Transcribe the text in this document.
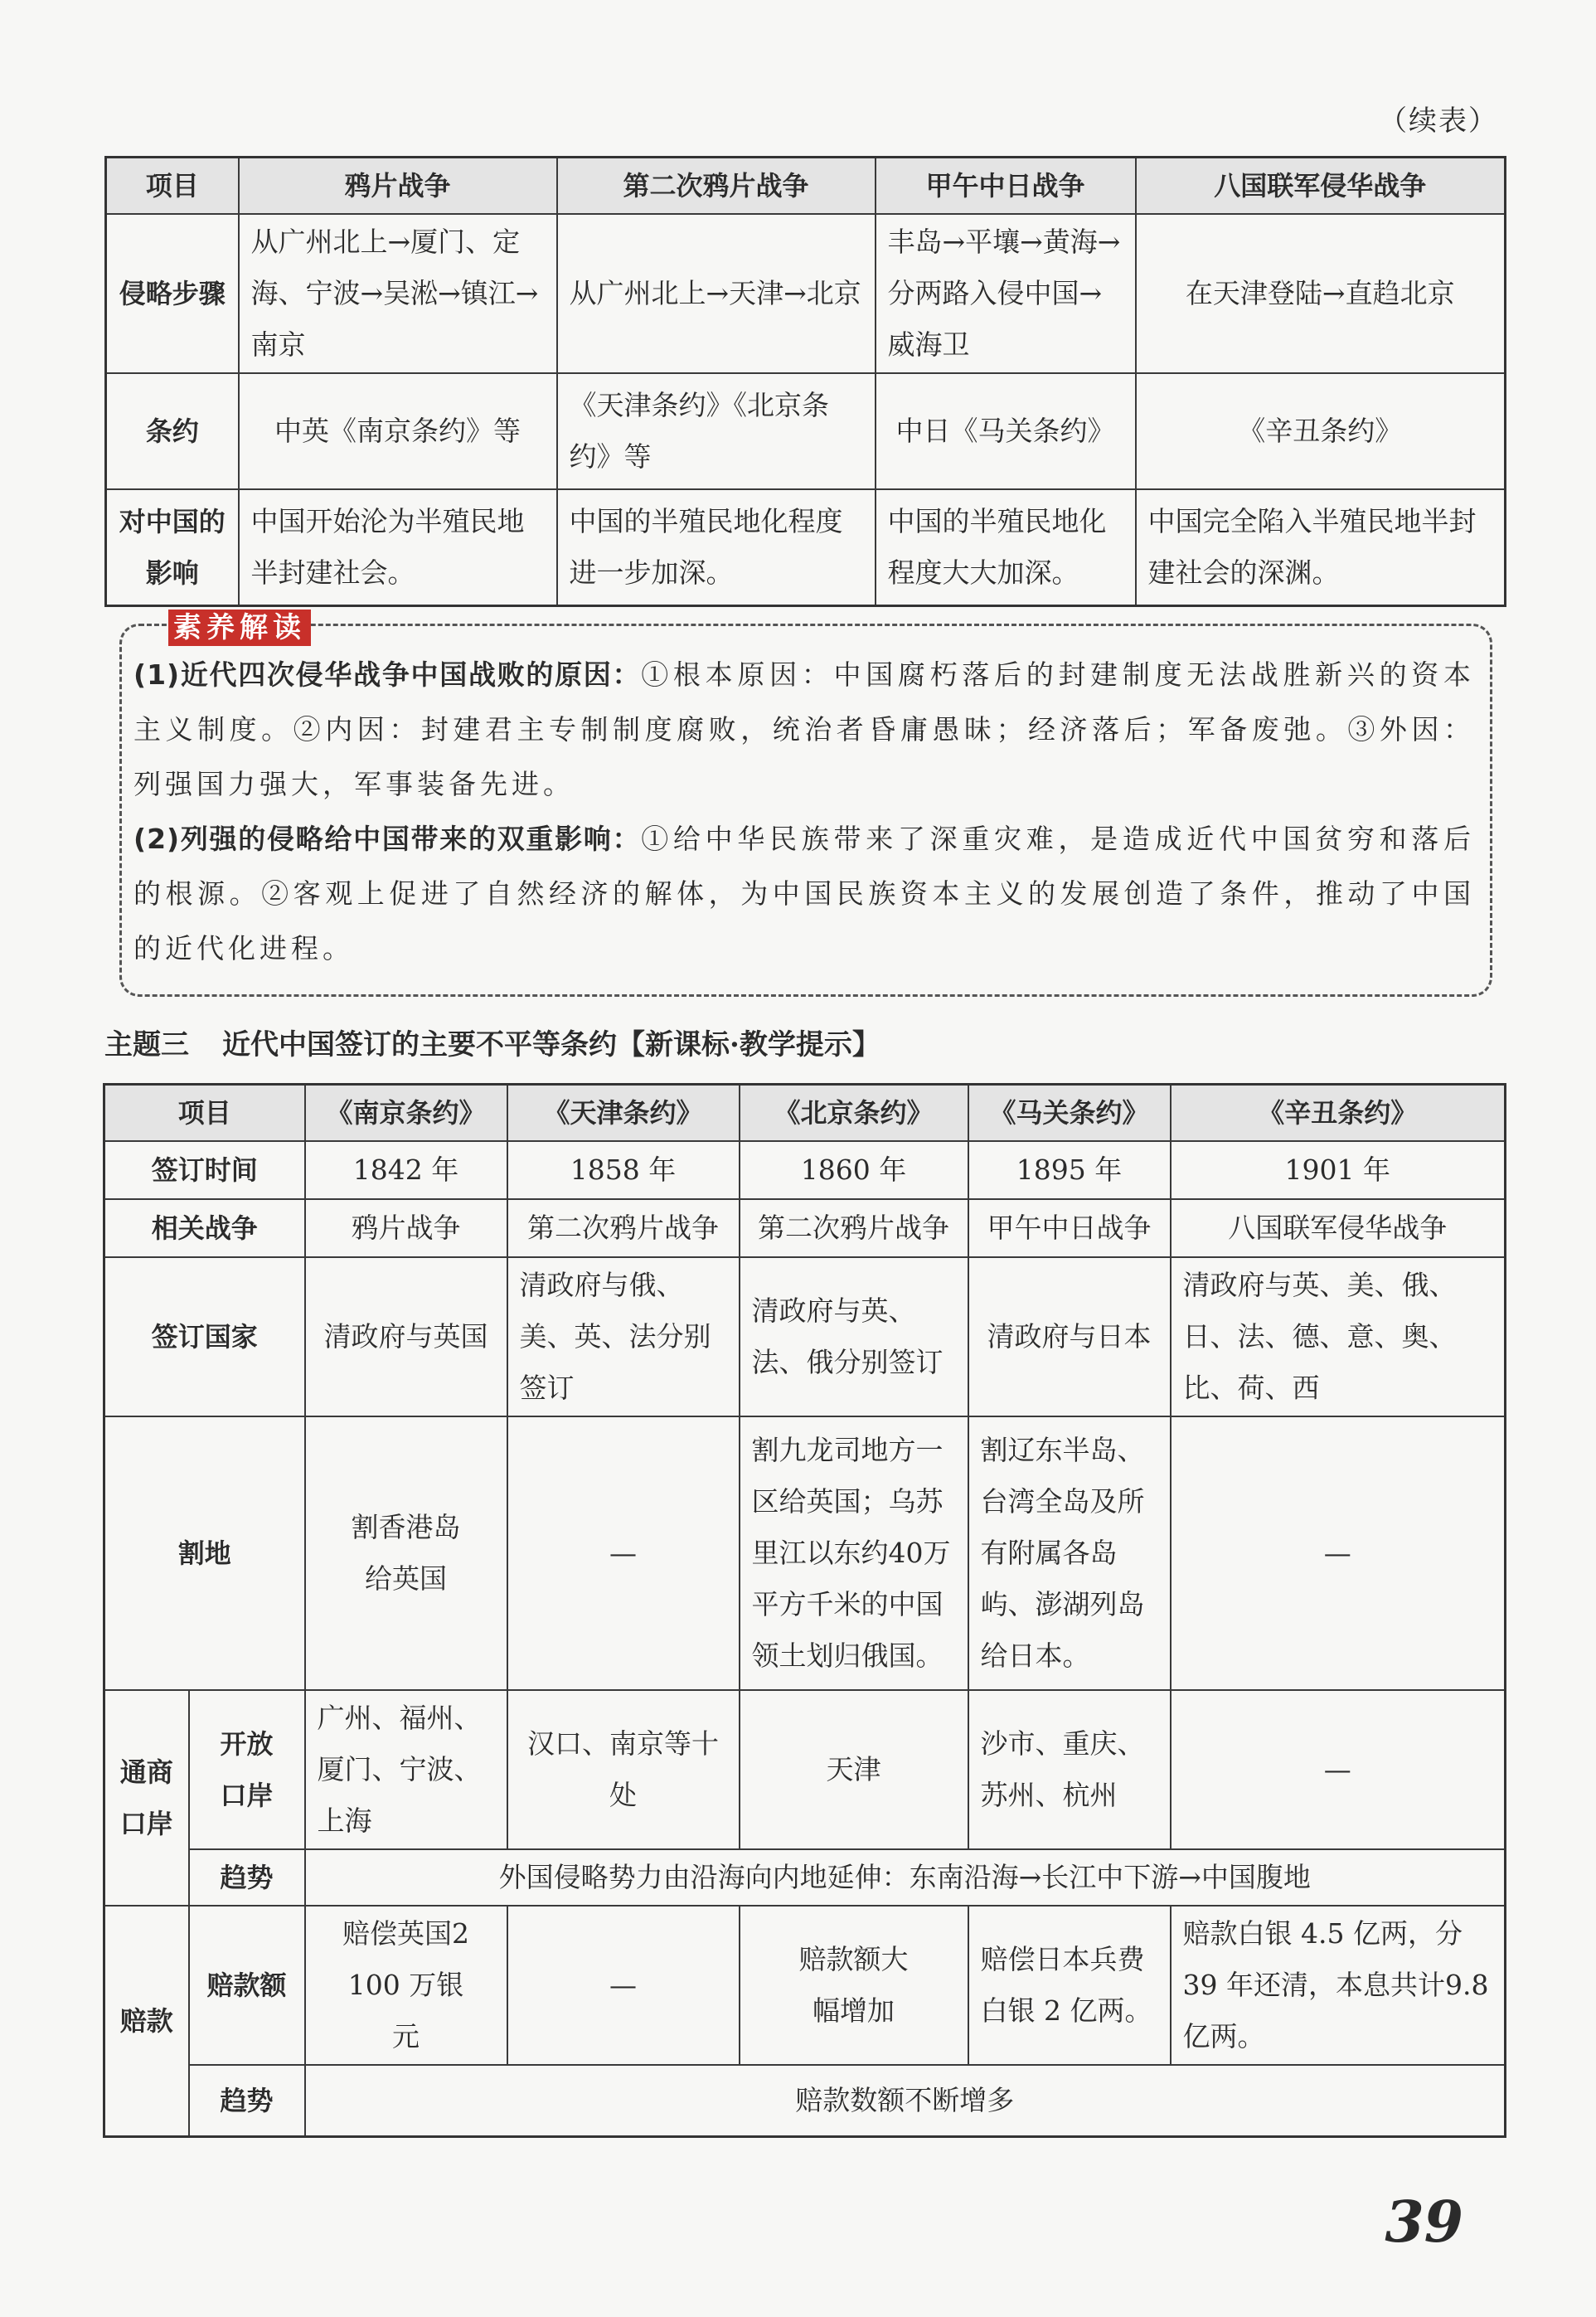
（续表）
项目	鸦片战争	第二次鸦片战争	甲午中日战争	八国联军侵华战争
侵略步骤	从广州北上→厦门、定海、宁波→吴淞→镇江→南京	从广州北上→天津→北京	丰岛→平壤→黄海→分两路入侵中国→威海卫	在天津登陆→直趋北京
条约	中英《南京条约》等	《天津条约》《北京条约》等	中日《马关条约》	《辛丑条约》
对中国的影响	中国开始沦为半殖民地半封建社会。	中国的半殖民地化程度进一步加深。	中国的半殖民地化程度大大加深。	中国完全陷入半殖民地半封建社会的深渊。
素养解读
(1)近代四次侵华战争中国战败的原因：①根本原因：中国腐朽落后的封建制度无法战胜新兴的资本主义制度。②内因：封建君主专制制度腐败，统治者昏庸愚昧；经济落后；军备废弛。③外因：列强国力强大，军事装备先进。
(2)列强的侵略给中国带来的双重影响：①给中华民族带来了深重灾难，是造成近代中国贫穷和落后的根源。②客观上促进了自然经济的解体，为中国民族资本主义的发展创造了条件，推动了中国的近代化进程。
主题三 近代中国签订的主要不平等条约【新课标·教学提示】
项目		《南京条约》	《天津条约》	《北京条约》	《马关条约》	《辛丑条约》
签订时间		1842 年	1858 年	1860 年	1895 年	1901 年
相关战争		鸦片战争	第二次鸦片战争	第二次鸦片战争	甲午中日战争	八国联军侵华战争
签订国家		清政府与英国	清政府与俄、美、英、法分别签订	清政府与英、法、俄分别签订	清政府与日本	清政府与英、美、俄、日、法、德、意、奥、比、荷、西
割地		割香港岛给英国	—	割九龙司地方一区给英国；乌苏里江以东约40万平方千米的中国领土划归俄国。	割辽东半岛、台湾全岛及所有附属各岛屿、澎湖列岛给日本。	—
通商口岸	开放口岸	广州、福州、厦门、宁波、上海	汉口、南京等十处	天津	沙市、重庆、苏州、杭州	—
	趋势	外国侵略势力由沿海向内地延伸：东南沿海→长江中下游→中国腹地				
赔款	赔款额	赔偿英国2 100 万银元	—	赔款额大幅增加	赔偿日本兵费白银 2 亿两。	赔款白银 4.5 亿两，分 39 年还清，本息共计9.8 亿两。
	趋势	赔款数额不断增多				
39
